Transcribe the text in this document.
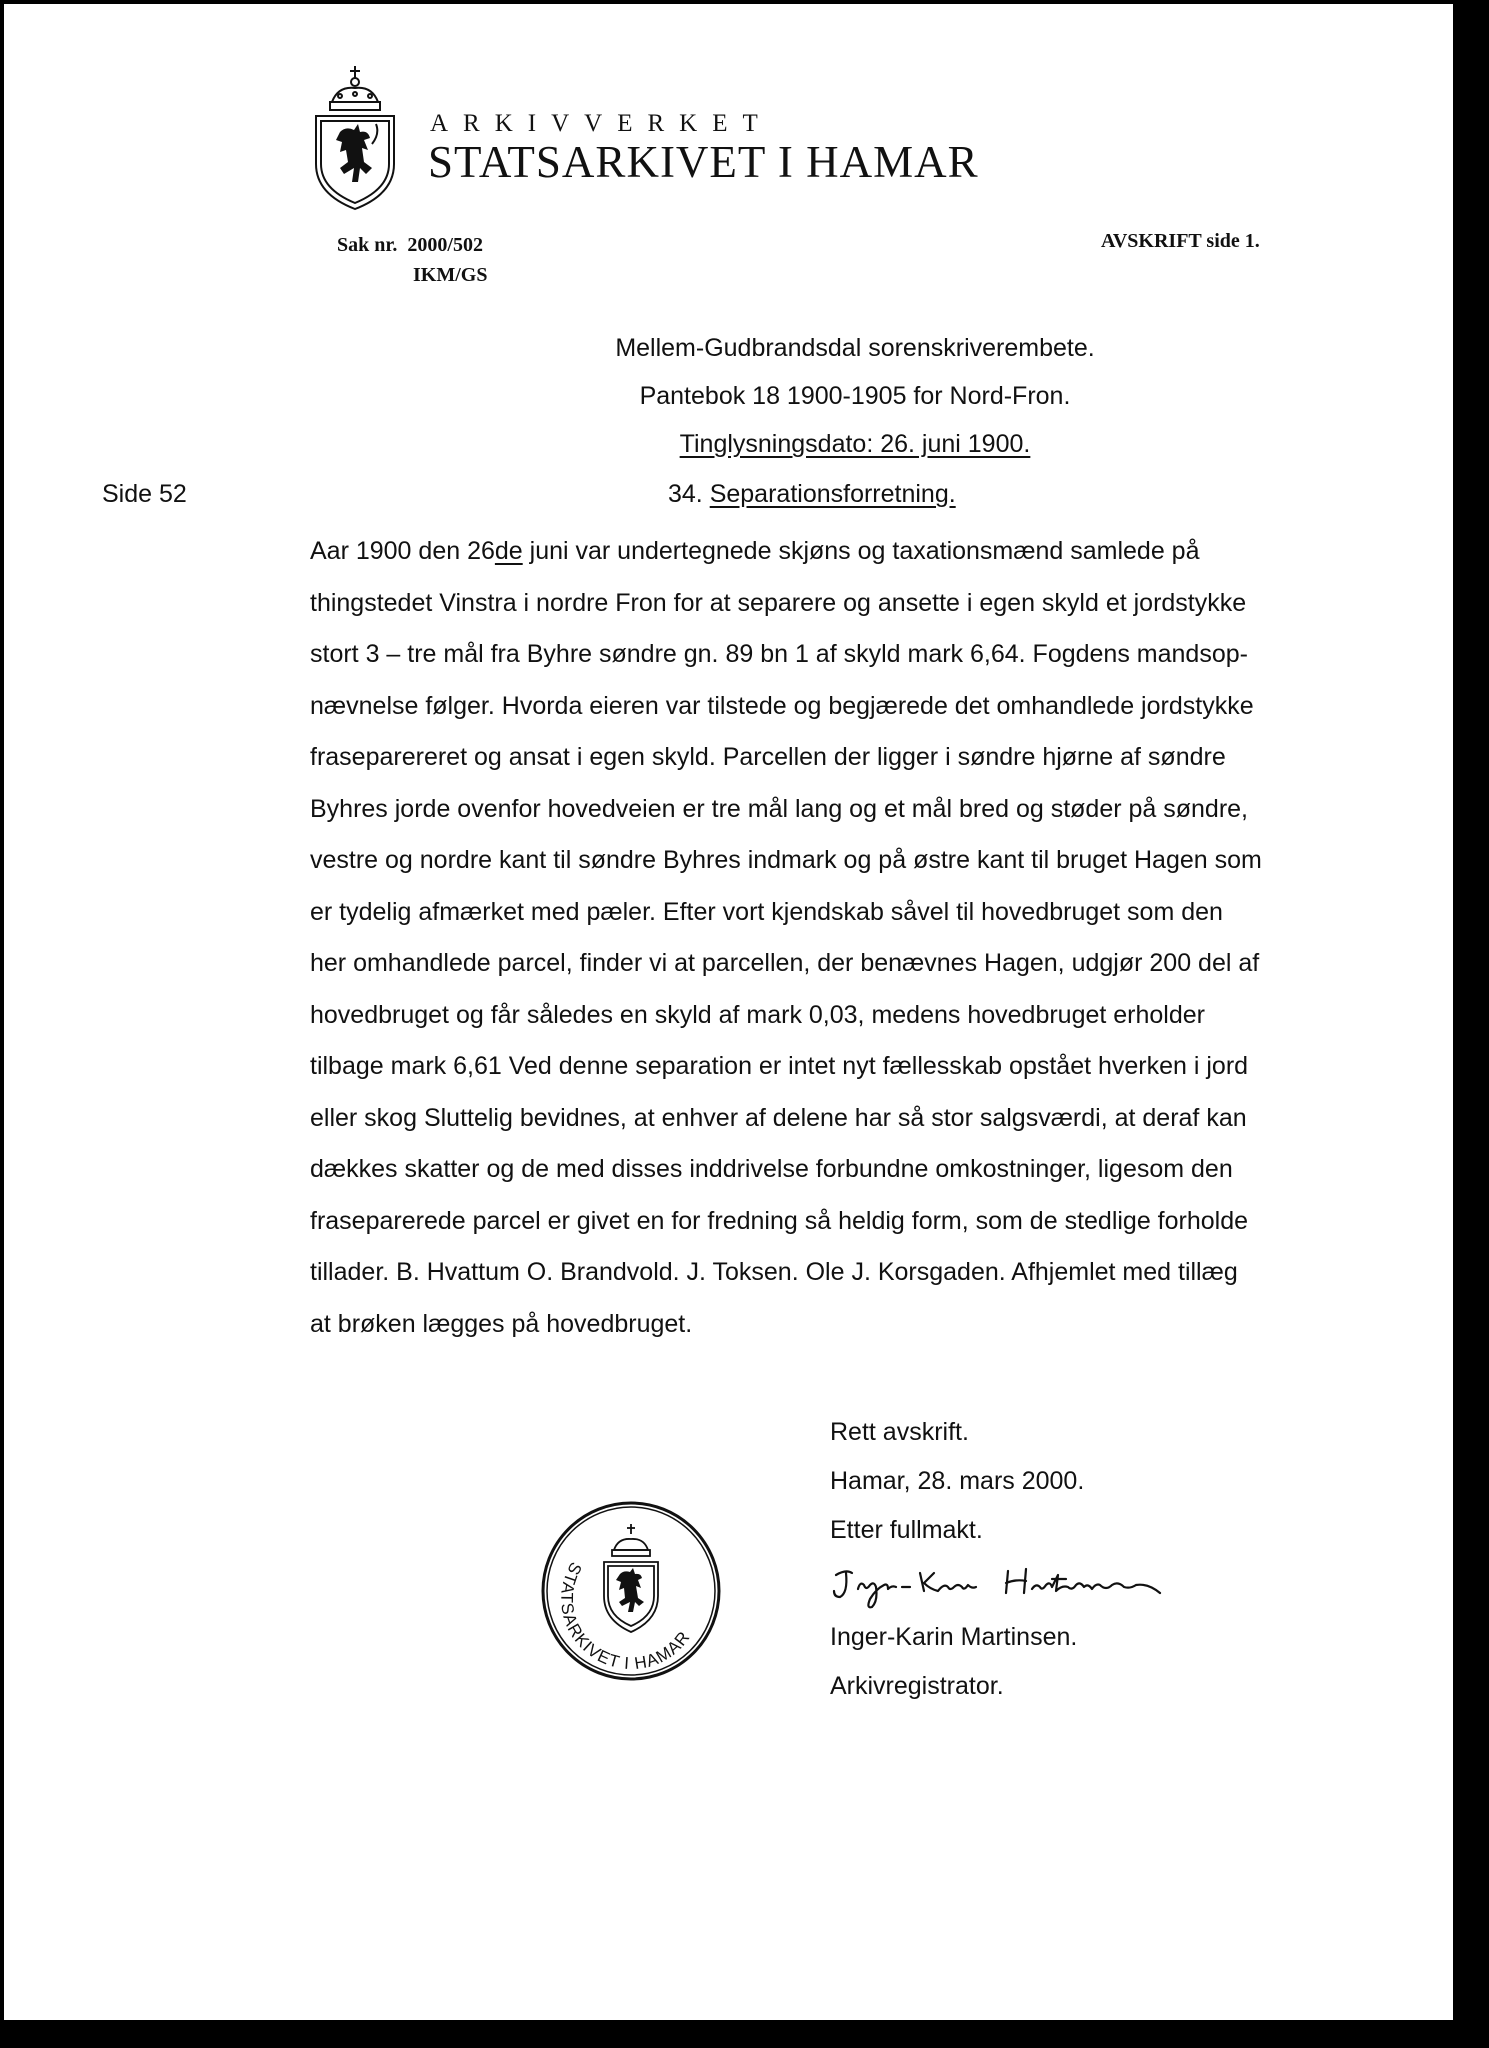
ARKIVVERKET
STATSARKIVET I HAMAR
Sak nr. 2000/502
IKM/GS
AVSKRIFT side 1.
Mellem-Gudbrandsdal sorenskriverembete.
Pantebok 18 1900-1905 for Nord-Fron.
Tinglysningsdato: 26. juni 1900.
Side 52	34. Separationsforretning.
Aar 1900 den 26de juni var undertegnede skjøns og taxationsmænd samlede på
thingstedet Vinstra i nordre Fron for at separere og ansette i egen skyld et jordstykke
stort 3 – tre mål fra Byhre søndre gn. 89 bn 1 af skyld mark 6,64. Fogdens mandsop-
nævnelse følger. Hvorda eieren var tilstede og begjærede det omhandlede jordstykke
fraseparereret og ansat i egen skyld. Parcellen der ligger i søndre hjørne af søndre
Byhres jorde ovenfor hovedveien er tre mål lang og et mål bred og støder på søndre,
vestre og nordre kant til søndre Byhres indmark og på østre kant til bruget Hagen som
er tydelig afmærket med pæler. Efter vort kjendskab såvel til hovedbruget som den
her omhandlede parcel, finder vi at parcellen, der benævnes Hagen, udgjør 200 del af
hovedbruget og får således en skyld af mark 0,03, medens hovedbruget erholder
tilbage mark 6,61 Ved denne separation er intet nyt fællesskab opstået hverken i jord
eller skog Sluttelig bevidnes, at enhver af delene har så stor salgsværdi, at deraf kan
dækkes skatter og de med disses inddrivelse forbundne omkostninger, ligesom den
fraseparerede parcel er givet en for fredning så heldig form, som de stedlige forholde
tillader. B. Hvattum O. Brandvold. J. Toksen. Ole J. Korsgaden. Afhjemlet med tillæg
at brøken lægges på hovedbruget.
Rett avskrift.
Hamar, 28. mars 2000.
Etter fullmakt.
Inger-Karin Martinsen.
Arkivregistrator.
STATSARKIVET I HAMAR
